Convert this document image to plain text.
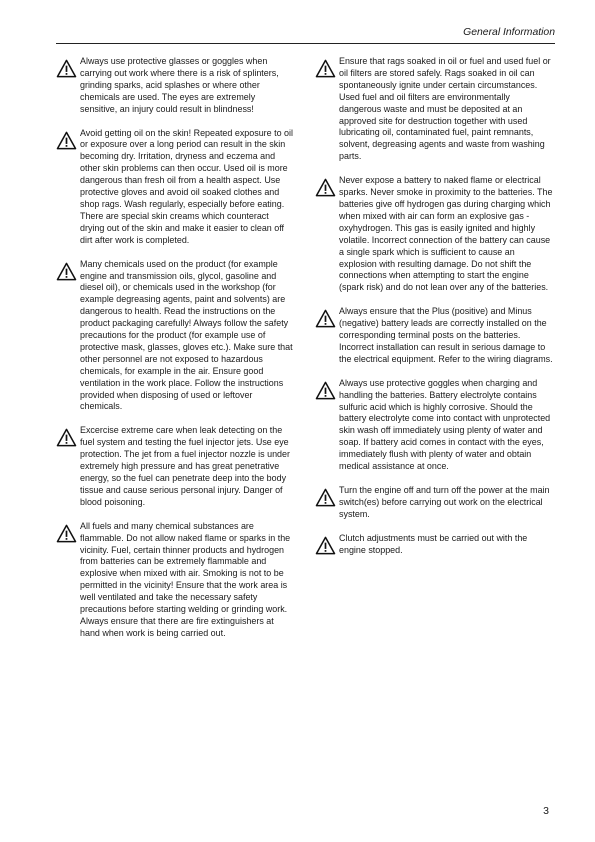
General Information

Always use protective glasses or goggles when carrying out work where there is a risk of splinters, grinding sparks, acid splashes or where other chemicals are used. The eyes are extremely sensitive, an injury could result in blindness!

Avoid getting oil on the skin! Repeated exposure to oil or exposure over a long period can result in the skin becoming dry. Irritation, dryness and eczema and other skin problems can then occur. Used oil is more dangerous than fresh oil from a health aspect. Use protective gloves and avoid oil soaked clothes and shop rags. Wash regularly, especially before eating. There are special skin creams which counteract drying out of the skin and make it easier to clean off dirt after work is completed.

Many chemicals used on the product (for example engine and transmission oils, glycol, gasoline and diesel oil), or chemicals used in the workshop (for example degreasing agents, paint and solvents) are dangerous to health. Read the instructions on the product packaging carefully! Always follow the safety precautions for the product (for example use of protective mask, glasses, gloves etc.). Make sure that other personnel are not exposed to hazardous chemicals, for example in the air. Ensure good ventilation in the work place. Follow the instructions provided when disposing of used or leftover chemicals.

Excercise extreme care when leak detecting on the fuel system and testing the fuel injector jets. Use eye protection. The jet from a fuel injector nozzle is under extremely high pressure and has great penetrative energy, so the fuel can penetrate deep into the body tissue and cause serious personal injury. Danger of blood poisoning.

All fuels and many chemical substances are flammable. Do not allow naked flame or sparks in the vicinity. Fuel, certain thinner products and hydrogen from batteries can be extremely flammable and explosive when mixed with air. Smoking is not to be permitted in the vicinity! Ensure that the work area is well ventilated and take the necessary safety precautions before starting welding or grinding work. Always ensure that there are fire extinguishers at hand when work is being carried out.

Ensure that rags soaked in oil or fuel and used fuel or oil filters are stored safely. Rags soaked in oil can spontaneously ignite under certain circumstances. Used fuel and oil filters are environmentally dangerous waste and must be deposited at an approved site for destruction together with used lubricating oil, contaminated fuel, paint remnants, solvent, degreasing agents and waste from washing parts.

Never expose a battery to naked flame or electrical sparks. Never smoke in proximity to the batteries. The batteries give off hydrogen gas during charging which when mixed with air can form an explosive gas - oxyhydrogen. This gas is easily ignited and highly volatile. Incorrect connection of the battery can cause a single spark which is sufficient to cause an explosion with resulting damage. Do not shift the connections when attempting to start the engine (spark risk) and do not lean over any of the batteries.

Always ensure that the Plus (positive) and Minus (negative) battery leads are correctly installed on the corresponding terminal posts on the batteries. Incorrect installation can result in serious damage to the electrical equipment. Refer to the wiring diagrams.

Always use protective goggles when charging and handling the batteries. Battery electrolyte contains sulfuric acid which is highly corrosive. Should the battery electrolyte come into contact with unprotected skin wash off immediately using plenty of water and soap. If battery acid comes in contact with the eyes, immediately flush with plenty of water and obtain medical assistance at once.

Turn the engine off and turn off the power at the main switch(es) before carrying out work on the electrical system.

Clutch adjustments must be carried out with the engine stopped.

3
